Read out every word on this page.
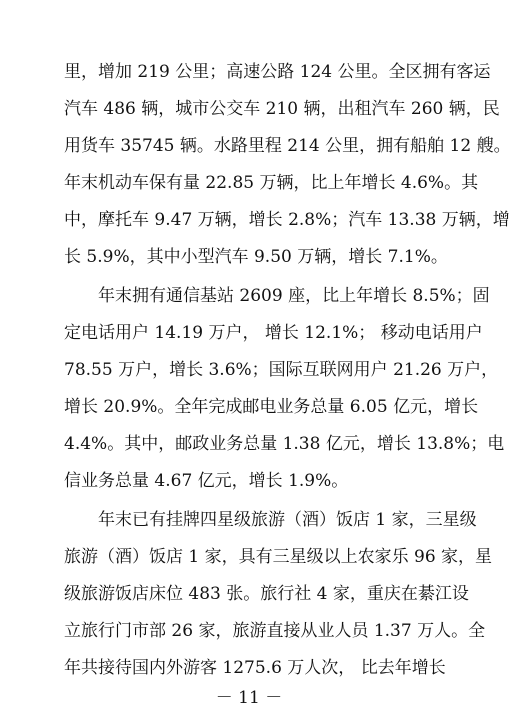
里，增加 219 公里；高速公路 124 公里。全区拥有客运
汽车 486 辆，城市公交车 210 辆，出租汽车 260 辆，民
用货车 35745 辆。水路里程 214 公里，拥有船舶 12 艘。
年末机动车保有量 22.85 万辆，比上年增长 4.6%。其
中，摩托车 9.47 万辆，增长 2.8%；汽车 13.38 万辆，增
长 5.9%，其中小型汽车 9.50 万辆，增长 7.1%。
年末拥有通信基站 2609 座，比上年增长 8.5%；固
定电话用户 14.19 万户， 增长 12.1%； 移动电话用户
78.55 万户，增长 3.6%；国际互联网用户 21.26 万户，
增长 20.9%。全年完成邮电业务总量 6.05 亿元，增长
4.4%。其中，邮政业务总量 1.38 亿元，增长 13.8%；电
信业务总量 4.67 亿元，增长 1.9%。
年末已有挂牌四星级旅游（酒）饭店 1 家，三星级
旅游（酒）饭店 1 家，具有三星级以上农家乐 96 家，星
级旅游饭店床位 483 张。旅行社 4 家，重庆在綦江设
立旅行门市部 26 家，旅游直接从业人员 1.37 万人。全
年共接待国内外游客 1275.6 万人次， 比去年增长
－ 11 －
